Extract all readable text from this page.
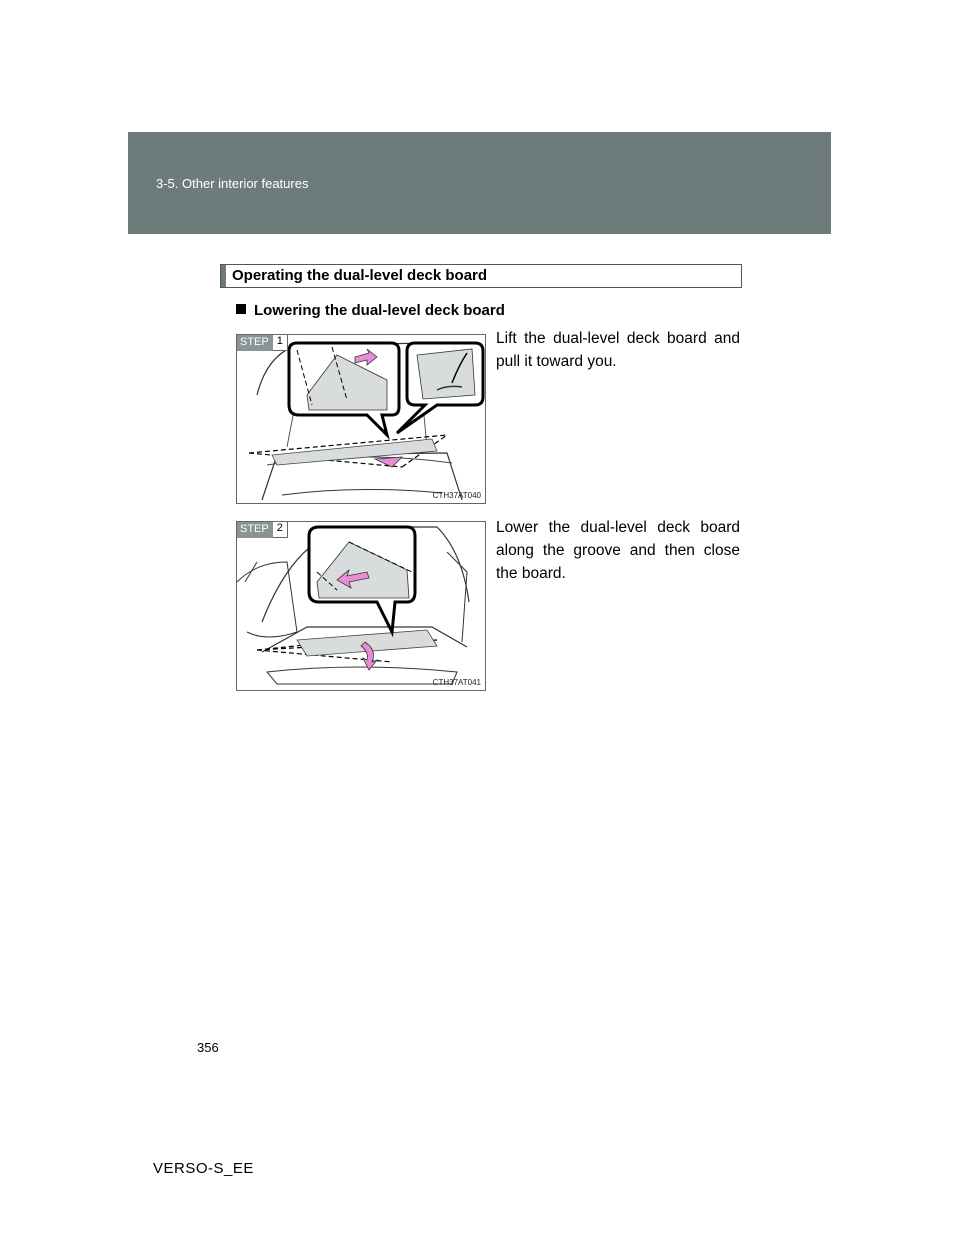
3-5. Other interior features
Operating the dual-level deck board
Lowering the dual-level deck board
STEP 1
CTH37AT040
Lift the dual-level deck board and pull it toward you.
STEP 2
CTH37AT041
Lower the dual-level deck board along the groove and then close the board.
356
VERSO-S_EE
